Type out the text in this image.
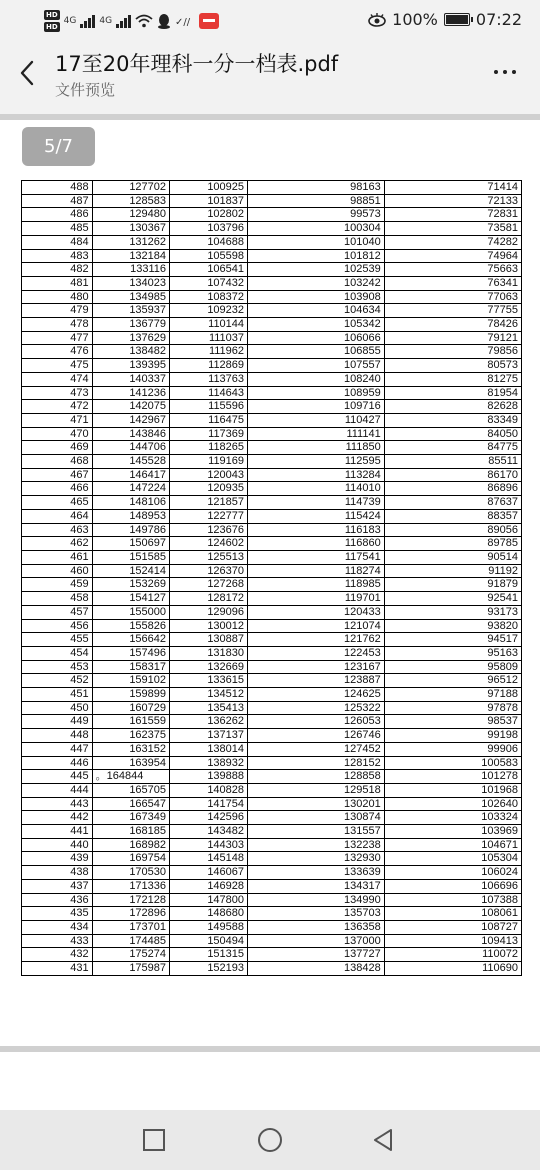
HD
HD
4G	4G	✓//	100% 07:22
17至20年理科一分一档表.pdf
文件预览
5/7
488	127702	100925	98163	71414
487	128583	101837	98851	72133
486	129480	102802	99573	72831
485	130367	103796	100304	73581
484	131262	104688	101040	74282
483	132184	105598	101812	74964
482	133116	106541	102539	75663
481	134023	107432	103242	76341
480	134985	108372	103908	77063
479	135937	109232	104634	77755
478	136779	110144	105342	78426
477	137629	111037	106066	79121
476	138482	111962	106855	79856
475	139395	112869	107557	80573
474	140337	113763	108240	81275
473	141236	114643	108959	81954
472	142075	115596	109716	82628
471	142967	116475	110427	83349
470	143846	117369	111141	84050
469	144706	118265	111850	84775
468	145528	119169	112595	85511
467	146417	120043	113284	86170
466	147224	120935	114010	86896
465	148106	121857	114739	87637
464	148953	122777	115424	88357
463	149786	123676	116183	89056
462	150697	124602	116860	89785
461	151585	125513	117541	90514
460	152414	126370	118274	91192
459	153269	127268	118985	91879
458	154127	128172	119701	92541
457	155000	129096	120433	93173
456	155826	130012	121074	93820
455	156642	130887	121762	94517
454	157496	131830	122453	95163
453	158317	132669	123167	95809
452	159102	133615	123887	96512
451	159899	134512	124625	97188
450	160729	135413	125322	97878
449	161559	136262	126053	98537
448	162375	137137	126746	99198
447	163152	138014	127452	99906
446	163954	138932	128152	100583
445	。164844	139888	128858	101278
444	165705	140828	129518	101968
443	166547	141754	130201	102640
442	167349	142596	130874	103324
441	168185	143482	131557	103969
440	168982	144303	132238	104671
439	169754	145148	132930	105304
438	170530	146067	133639	106024
437	171336	146928	134317	106696
436	172128	147800	134990	107388
435	172896	148680	135703	108061
434	173701	149588	136358	108727
433	174485	150494	137000	109413
432	175274	151315	137727	110072
431	175987	152193	138428	110690
